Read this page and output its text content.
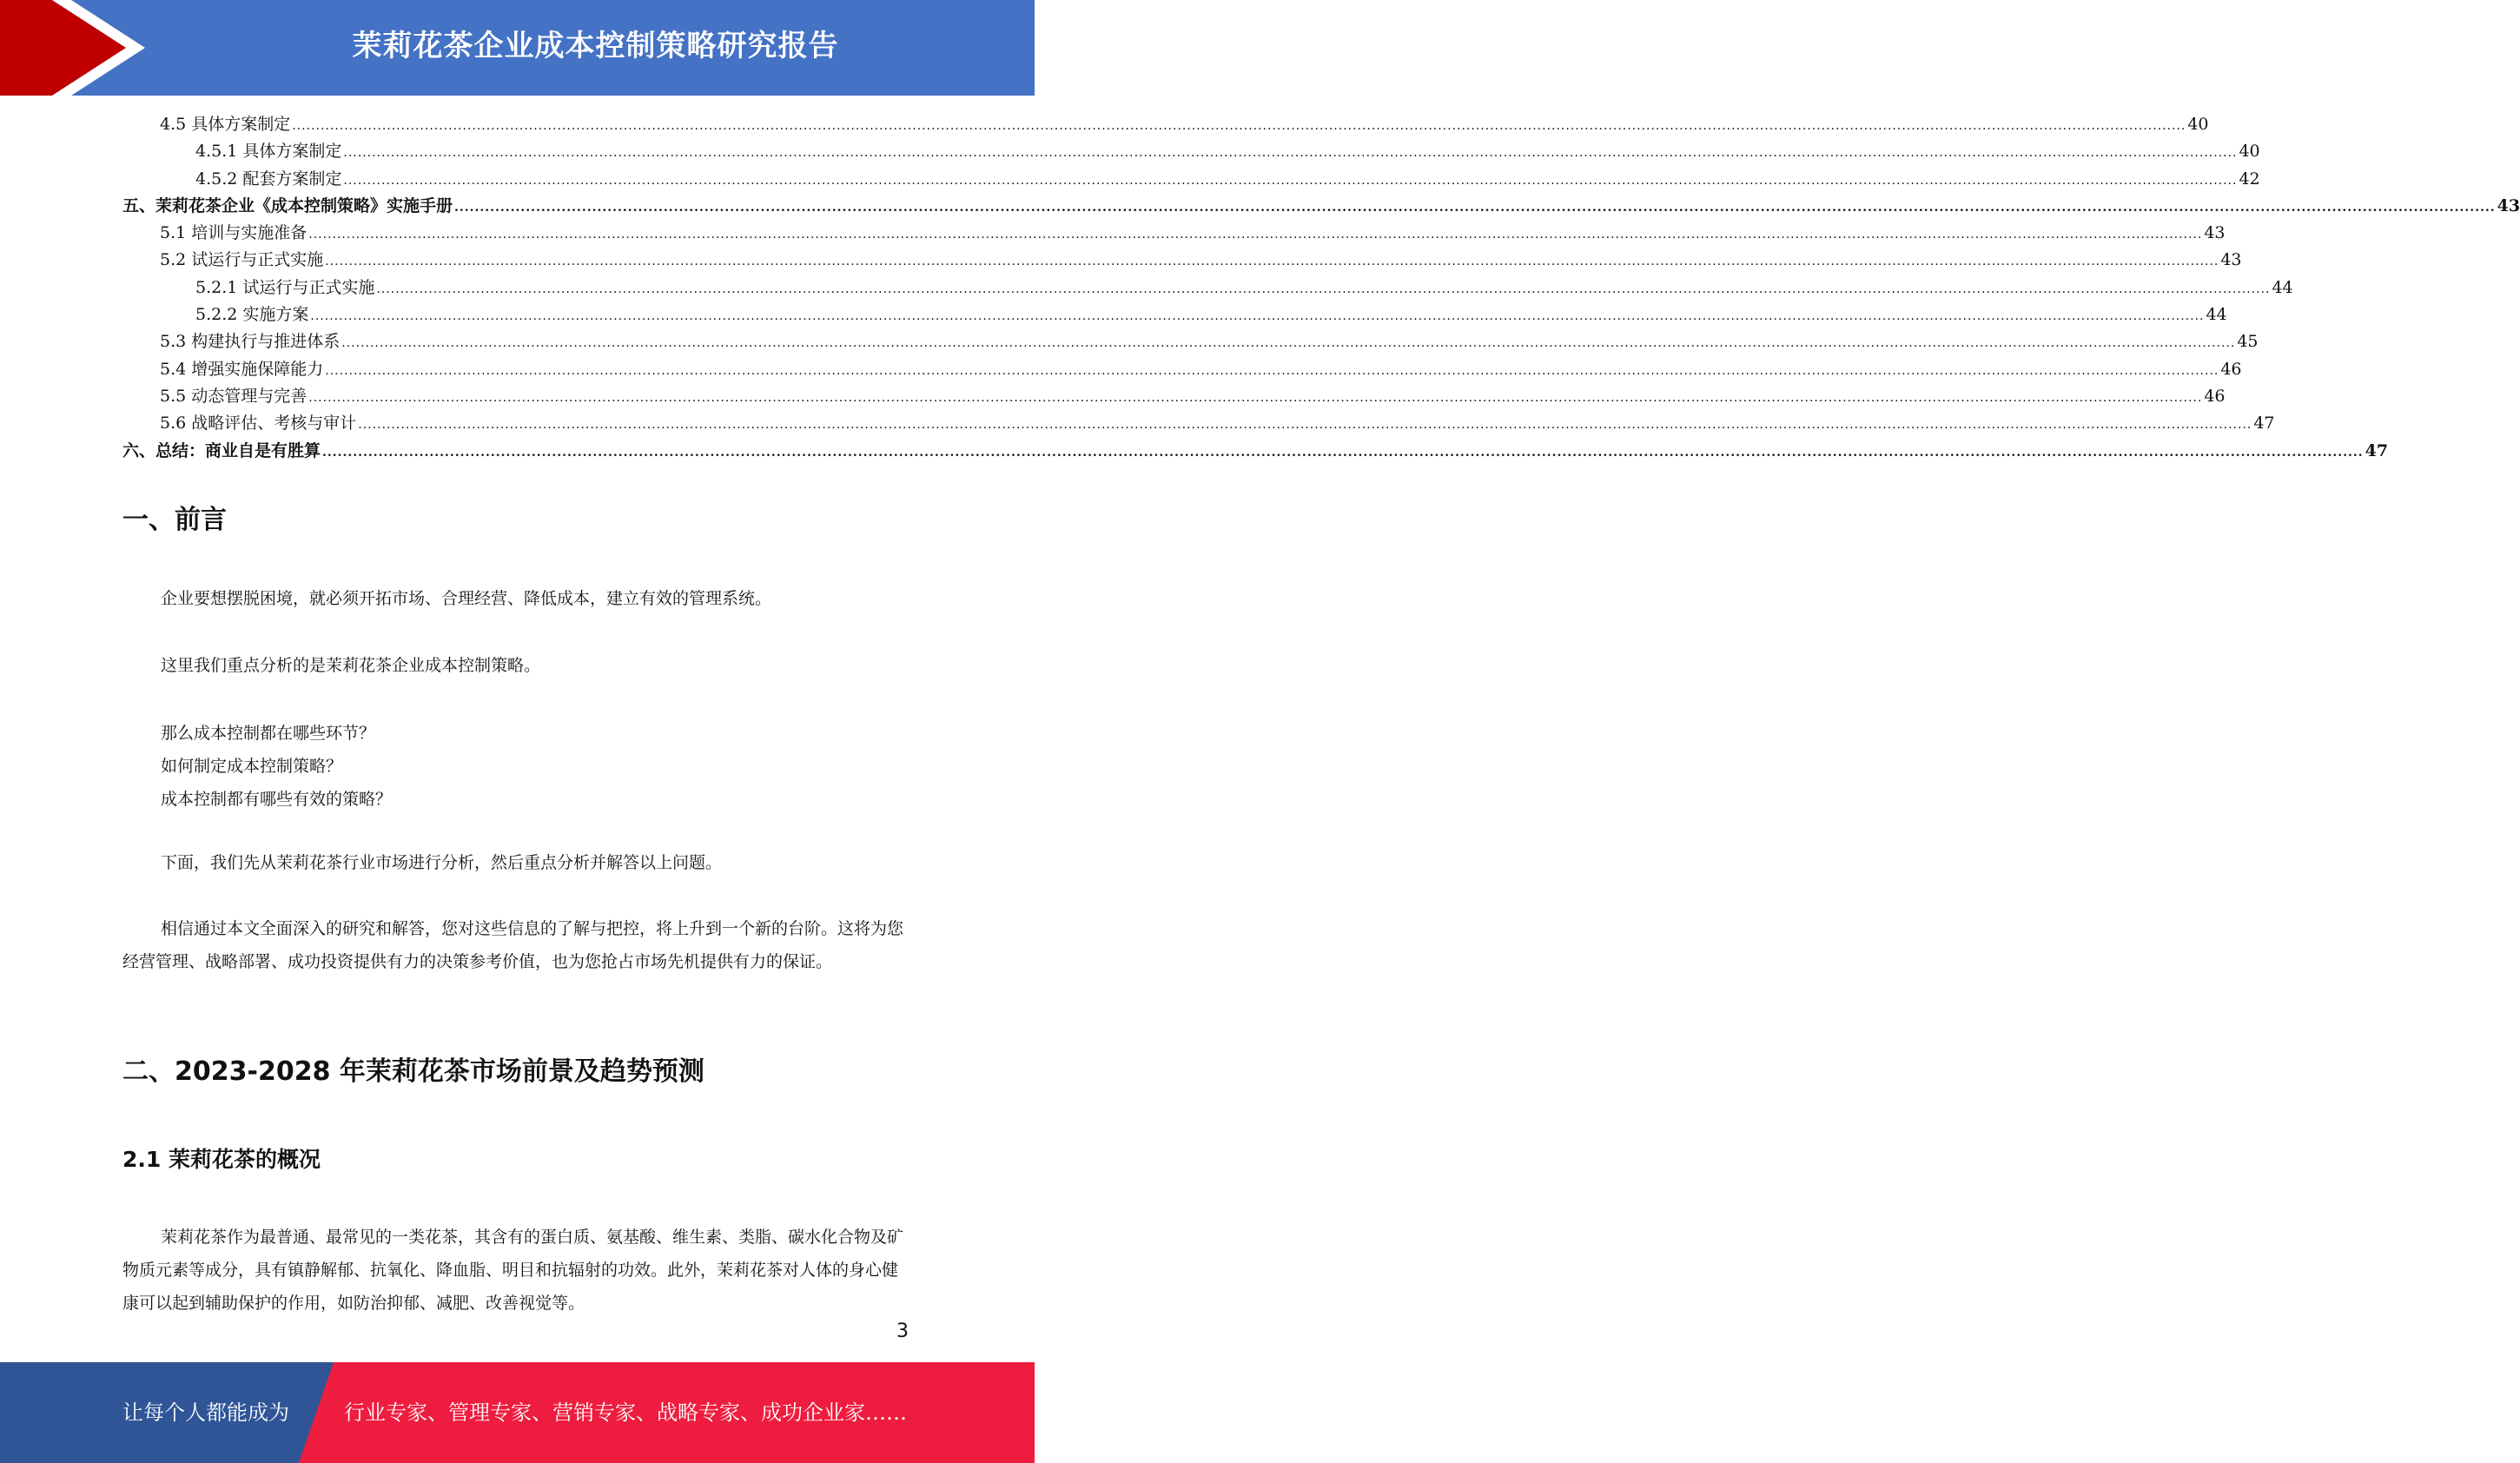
茉莉花茶企业成本控制策略研究报告
4.5 具体方案制定 ................................................................................................................................................................................................................................................................................................................................................................................................................ 40
4.5.1 具体方案制定 ................................................................................................................................................................................................................................................................................................................................................................................................................ 40
4.5.2 配套方案制定 ................................................................................................................................................................................................................................................................................................................................................................................................................ 42
五、茉莉花茶企业《成本控制策略》实施手册 ................................................................................................................................................................................................................................................................................................................................................................................................................ 43
5.1 培训与实施准备 ................................................................................................................................................................................................................................................................................................................................................................................................................ 43
5.2 试运行与正式实施 ................................................................................................................................................................................................................................................................................................................................................................................................................ 43
5.2.1 试运行与正式实施 ................................................................................................................................................................................................................................................................................................................................................................................................................ 44
5.2.2 实施方案 ................................................................................................................................................................................................................................................................................................................................................................................................................ 44
5.3 构建执行与推进体系 ................................................................................................................................................................................................................................................................................................................................................................................................................ 45
5.4 增强实施保障能力 ................................................................................................................................................................................................................................................................................................................................................................................................................ 46
5.5 动态管理与完善 ................................................................................................................................................................................................................................................................................................................................................................................................................ 46
5.6 战略评估、考核与审计 ................................................................................................................................................................................................................................................................................................................................................................................................................ 47
六、总结：商业自是有胜算 ................................................................................................................................................................................................................................................................................................................................................................................................................ 47
一、前言

企业要想摆脱困境，就必须开拓市场、合理经营、降低成本，建立有效的管理系统。

这里我们重点分析的是茉莉花茶企业成本控制策略。

那么成本控制都在哪些环节？

如何制定成本控制策略？

成本控制都有哪些有效的策略？

下面，我们先从茉莉花茶行业市场进行分析，然后重点分析并解答以上问题。

相信通过本文全面深入的研究和解答，您对这些信息的了解与把控，将上升到一个新的台阶。这将为您经营管理、战略部署、成功投资提供有力的决策参考价值，也为您抢占市场先机提供有力的保证。

二、2023-2028 年茉莉花茶市场前景及趋势预测
2.1 茉莉花茶的概况

茉莉花茶作为最普通、最常见的一类花茶，其含有的蛋白质、氨基酸、维生素、类脂、碳水化合物及矿物质元素等成分，具有镇静解郁、抗氧化、降血脂、明目和抗辐射的功效。此外，茉莉花茶对人体的身心健康可以起到辅助保护的作用，如防治抑郁、减肥、改善视觉等。

3
让每个人都能成为	行业专家、管理专家、营销专家、战略专家、成功企业家……
